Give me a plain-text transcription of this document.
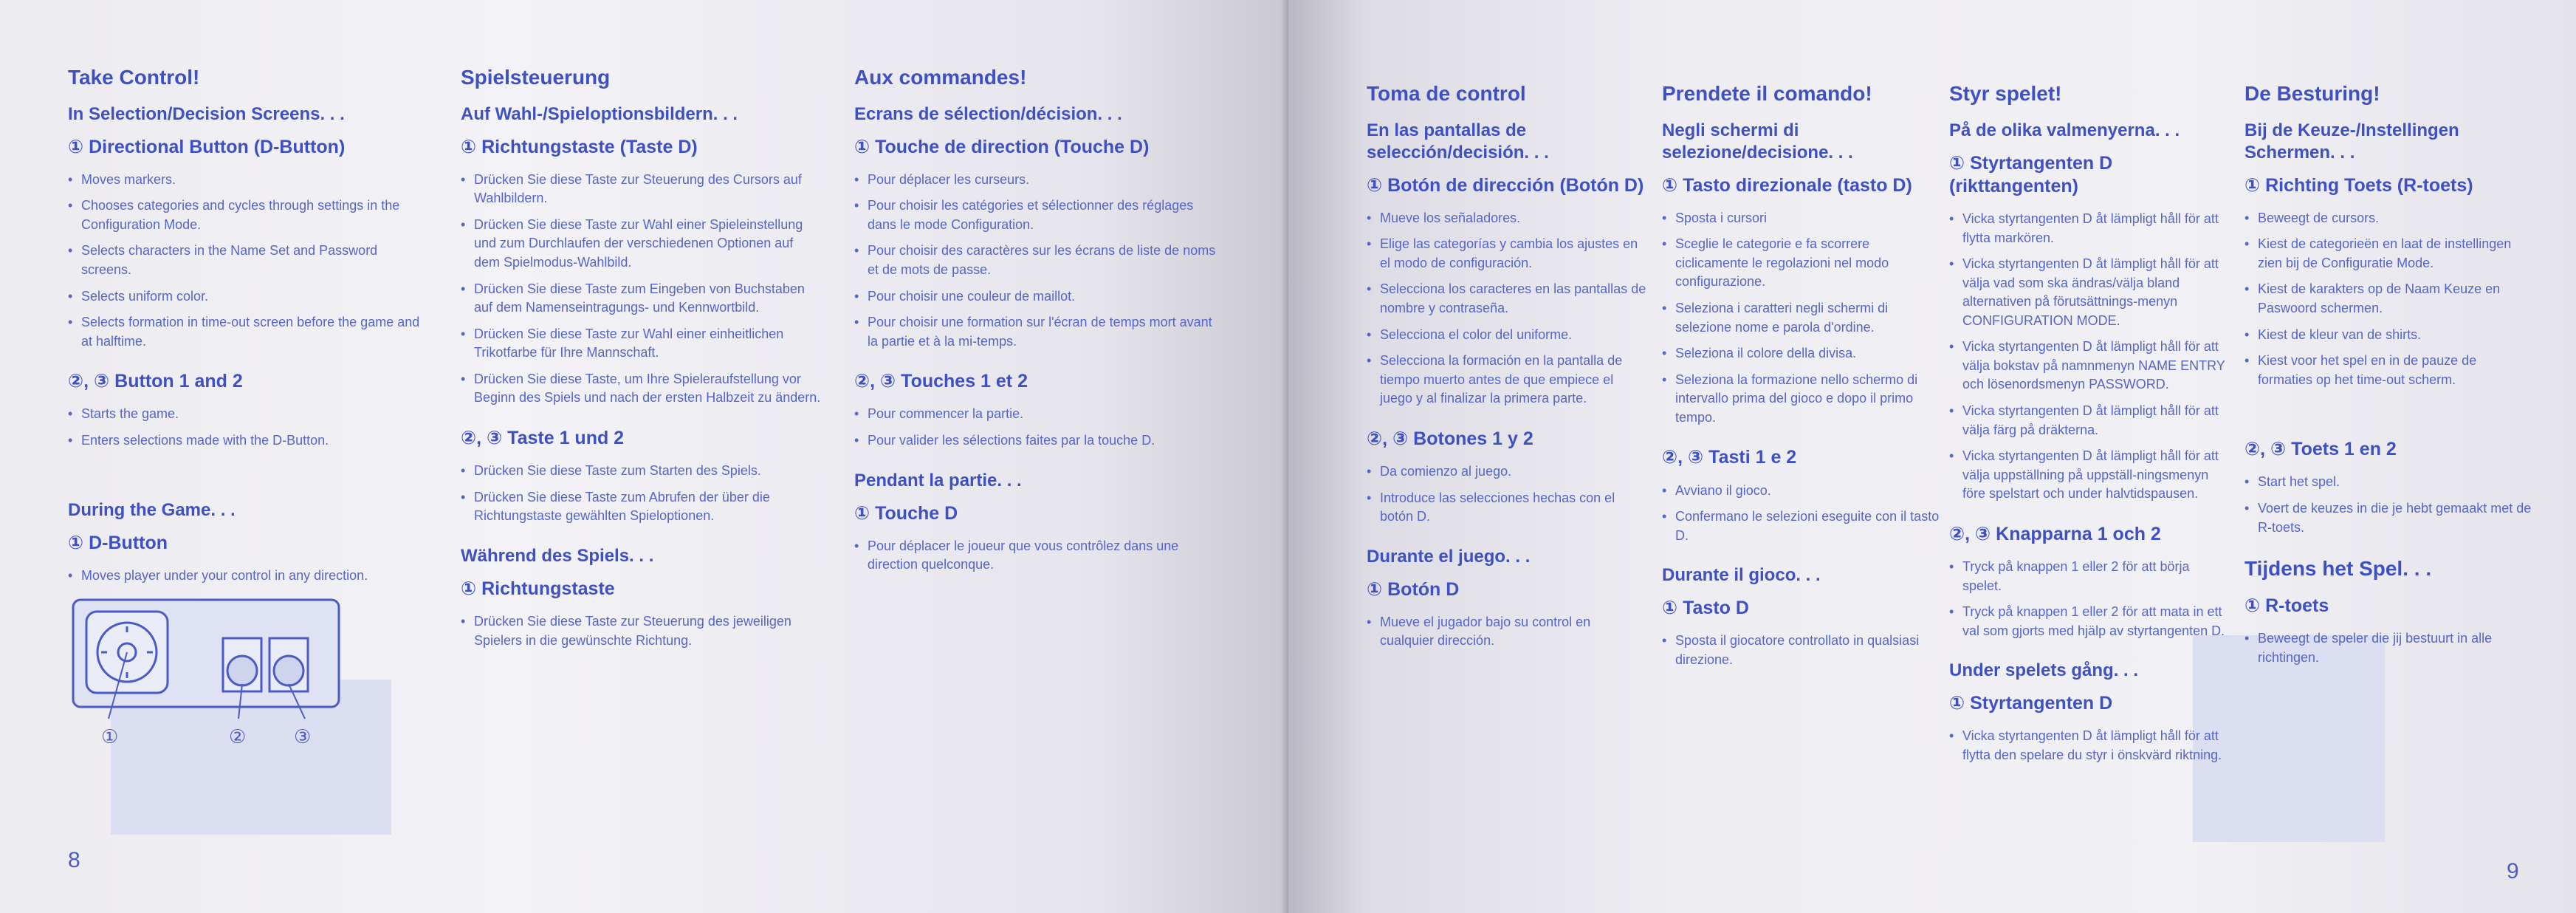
Take Control!
In Selection/Decision Screens. . .
① Directional Button (D-Button)
• Moves markers.
• Chooses categories and cycles through settings in the Configuration Mode.
• Selects characters in the Name Set and Password screens.
• Selects uniform color.
• Selects formation in time-out screen before the game and at halftime.
②, ③ Button 1 and 2
• Starts the game.
• Enters selections made with the D-Button.
During the Game. . .
① D-Button
• Moves player under your control in any direction.
①	② ③
Spielsteuerung
Auf Wahl-/Spieloptionsbildern. . .
① Richtungstaste (Taste D)
• Drücken Sie diese Taste zur Steuerung des Cursors auf Wahlbildern.
• Drücken Sie diese Taste zur Wahl einer Spieleinstellung und zum Durchlaufen der verschiedenen Optionen auf dem Spielmodus-Wahlbild.
• Drücken Sie diese Taste zum Eingeben von Buchstaben auf dem Namenseintragungs- und Kennwortbild.
• Drücken Sie diese Taste zur Wahl einer einheitlichen Trikotfarbe für Ihre Mannschaft.
• Drücken Sie diese Taste, um Ihre Spieleraufstellung vor Beginn des Spiels und nach der ersten Halbzeit zu ändern.
②, ③ Taste 1 und 2
• Drücken Sie diese Taste zum Starten des Spiels.
• Drücken Sie diese Taste zum Abrufen der über die Richtungstaste gewählten Spieloptionen.
Während des Spiels. . .
① Richtungstaste
• Drücken Sie diese Taste zur Steuerung des jeweiligen Spielers in die gewünschte Richtung.
Aux commandes!
Ecrans de sélection/décision. . .
① Touche de direction (Touche D)
• Pour déplacer les curseurs.
• Pour choisir les catégories et sélectionner des réglages dans le mode Configuration.
• Pour choisir des caractères sur les écrans de liste de noms et de mots de passe.
• Pour choisir une couleur de maillot.
• Pour choisir une formation sur l'écran de temps mort avant la partie et à la mi-temps.
②, ③ Touches 1 et 2
• Pour commencer la partie.
• Pour valider les sélections faites par la touche D.
Pendant la partie. . .
① Touche D
• Pour déplacer le joueur que vous contrôlez dans une direction quelconque.
8
Toma de control
En las pantallas de selección/decisión. . .
① Botón de dirección (Botón D)
• Mueve los señaladores.
• Elige las categorías y cambia los ajustes en el modo de configuración.
• Selecciona los caracteres en las pantallas de nombre y contraseña.
• Selecciona el color del uniforme.
• Selecciona la formación en la pantalla de tiempo muerto antes de que empiece el juego y al finalizar la primera parte.
②, ③ Botones 1 y 2
• Da comienzo al juego.
• Introduce las selecciones hechas con el botón D.
Durante el juego. . .
① Botón D
• Mueve el jugador bajo su control en cualquier dirección.
Prendete il comando!
Negli schermi di selezione/decisione. . .
① Tasto direzionale (tasto D)
• Sposta i cursori
• Sceglie le categorie e fa scorrere ciclicamente le regolazioni nel modo configurazione.
• Seleziona i caratteri negli schermi di selezione nome e parola d'ordine.
• Seleziona il colore della divisa.
• Seleziona la formazione nello schermo di intervallo prima del gioco e dopo il primo tempo.
②, ③ Tasti 1 e 2
• Avviano il gioco.
• Confermano le selezioni eseguite con il tasto D.
Durante il gioco. . .
① Tasto D
• Sposta il giocatore controllato in qualsiasi direzione.
Styr spelet!
På de olika valmenyerna. . .
① Styrtangenten D (rikttangenten)
• Vicka styrtangenten D åt lämpligt håll för att flytta markören.
• Vicka styrtangenten D åt lämpligt håll för att välja vad som ska ändras/välja bland alternativen på förutsättnings-menyn CONFIGURATION MODE.
• Vicka styrtangenten D åt lämpligt håll för att välja bokstav på namnmenyn NAME ENTRY och lösenordsmenyn PASSWORD.
• Vicka styrtangenten D åt lämpligt håll för att välja färg på dräkterna.
• Vicka styrtangenten D åt lämpligt håll för att välja uppställning på uppställ-ningsmenyn före spelstart och under halvtidspausen.
②, ③ Knapparna 1 och 2
• Tryck på knappen 1 eller 2 för att börja spelet.
• Tryck på knappen 1 eller 2 för att mata in ett val som gjorts med hjälp av styrtangenten D.
Under spelets gång. . .
① Styrtangenten D
• Vicka styrtangenten D åt lämpligt håll för att flytta den spelare du styr i önskvärd riktning.
De Besturing!
Bij de Keuze-/Instellingen Schermen. . .
① Richting Toets (R-toets)
• Beweegt de cursors.
• Kiest de categorieën en laat de instellingen zien bij de Configuratie Mode.
• Kiest de karakters op de Naam Keuze en Paswoord schermen.
• Kiest de kleur van de shirts.
• Kiest voor het spel en in de pauze de formaties op het time-out scherm.
②, ③ Toets 1 en 2
• Start het spel.
• Voert de keuzes in die je hebt gemaakt met de R-toets.
Tijdens het Spel. . .
① R-toets
• Beweegt de speler die jij bestuurt in alle richtingen.
9
